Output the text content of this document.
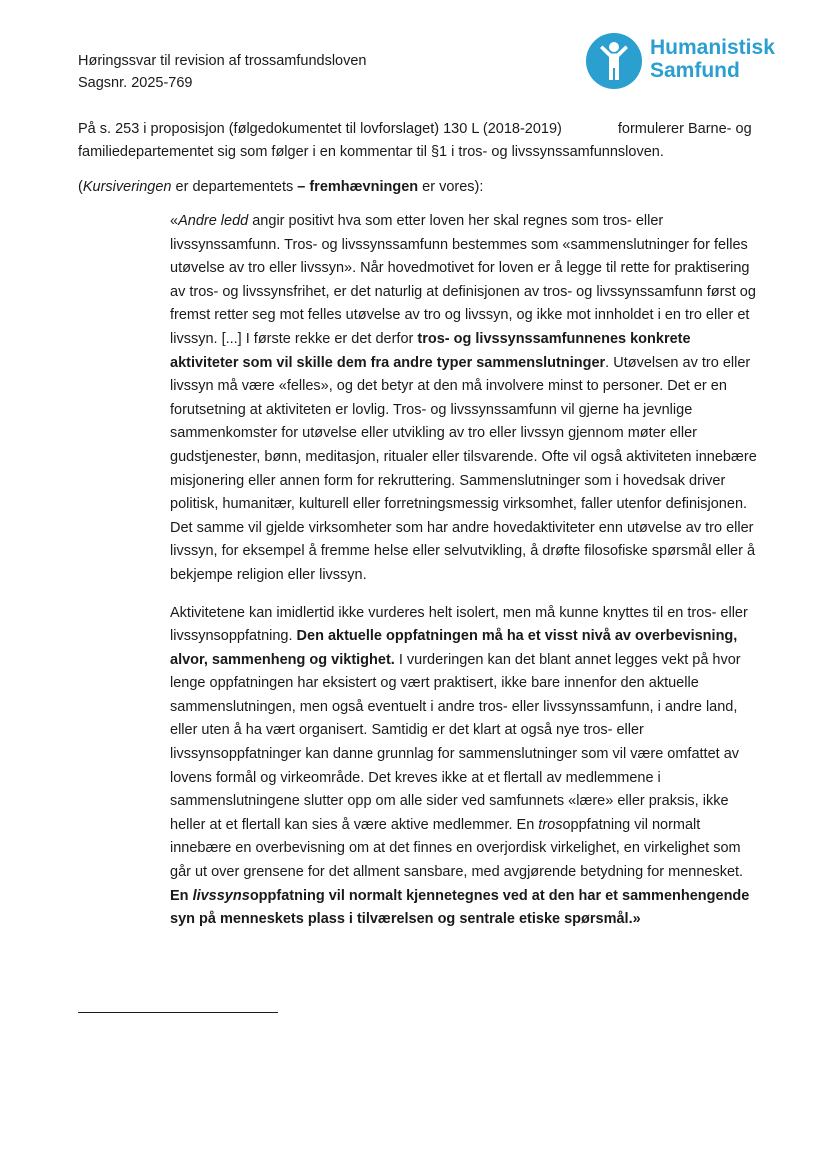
Høringssvar til revision af trossamfundsloven
Sagsnr. 2025-769
Humanistisk
Samfund

På s. 253 i proposisjon (følgedokumentet til lovforslaget) 130 L (2018-2019)	formulerer Barne- og
familiedepartementet sig som følger i en kommentar til §1 i tros- og livssynssamfunnsloven.

(Kursiveringen er departementets – fremhævningen er vores):

«Andre ledd angir positivt hva som etter loven her skal regnes som tros- eller livssynssamfunn. Tros- og livssynssamfunn bestemmes som «sammenslutninger for felles utøvelse av tro eller livssyn». Når hovedmotivet for loven er å legge til rette for praktisering av tros- og livssynsfrihet, er det naturlig at definisjonen av tros- og livssynssamfunn først og fremst retter seg mot felles utøvelse av tro og livssyn, og ikke mot innholdet i en tro eller et livssyn. [...] I første rekke er det derfor tros- og livssynssamfunnenes konkrete aktiviteter som vil skille dem fra andre typer sammenslutninger. Utøvelsen av tro eller livssyn må være «felles», og det betyr at den må involvere minst to personer. Det er en forutsetning at aktiviteten er lovlig. Tros- og livssynssamfunn vil gjerne ha jevnlige sammenkomster for utøvelse eller utvikling av tro eller livssyn gjennom møter eller gudstjenester, bønn, meditasjon, ritualer eller tilsvarende. Ofte vil også aktiviteten innebære misjonering eller annen form for rekruttering. Sammenslutninger som i hovedsak driver politisk, humanitær, kulturell eller forretningsmessig virksomhet, faller utenfor definisjonen. Det samme vil gjelde virksomheter som har andre hovedaktiviteter enn utøvelse av tro eller livssyn, for eksempel å fremme helse eller selvutvikling, å drøfte filosofiske spørsmål eller å bekjempe religion eller livssyn.

Aktivitetene kan imidlertid ikke vurderes helt isolert, men må kunne knyttes til en tros- eller livssynsoppfatning. Den aktuelle oppfatningen må ha et visst nivå av overbevisning, alvor, sammenheng og viktighet. I vurderingen kan det blant annet legges vekt på hvor lenge oppfatningen har eksistert og vært praktisert, ikke bare innenfor den aktuelle sammenslutningen, men også eventuelt i andre tros- eller livssynssamfunn, i andre land, eller uten å ha vært organisert. Samtidig er det klart at også nye tros- eller livssynsoppfatninger kan danne grunnlag for sammenslutninger som vil være omfattet av lovens formål og virkeområde. Det kreves ikke at et flertall av medlemmene i sammenslutningene slutter opp om alle sider ved samfunnets «lære» eller praksis, ikke heller at et flertall kan sies å være aktive medlemmer. En trosoppfatning vil normalt innebære en overbevisning om at det finnes en overjordisk virkelighet, en virkelighet som går ut over grensene for det allment sansbare, med avgjørende betydning for mennesket. En livssynsoppfatning vil normalt kjennetegnes ved at den har et sammenhengende syn på menneskets plass i tilværelsen og sentrale etiske spørsmål.»
